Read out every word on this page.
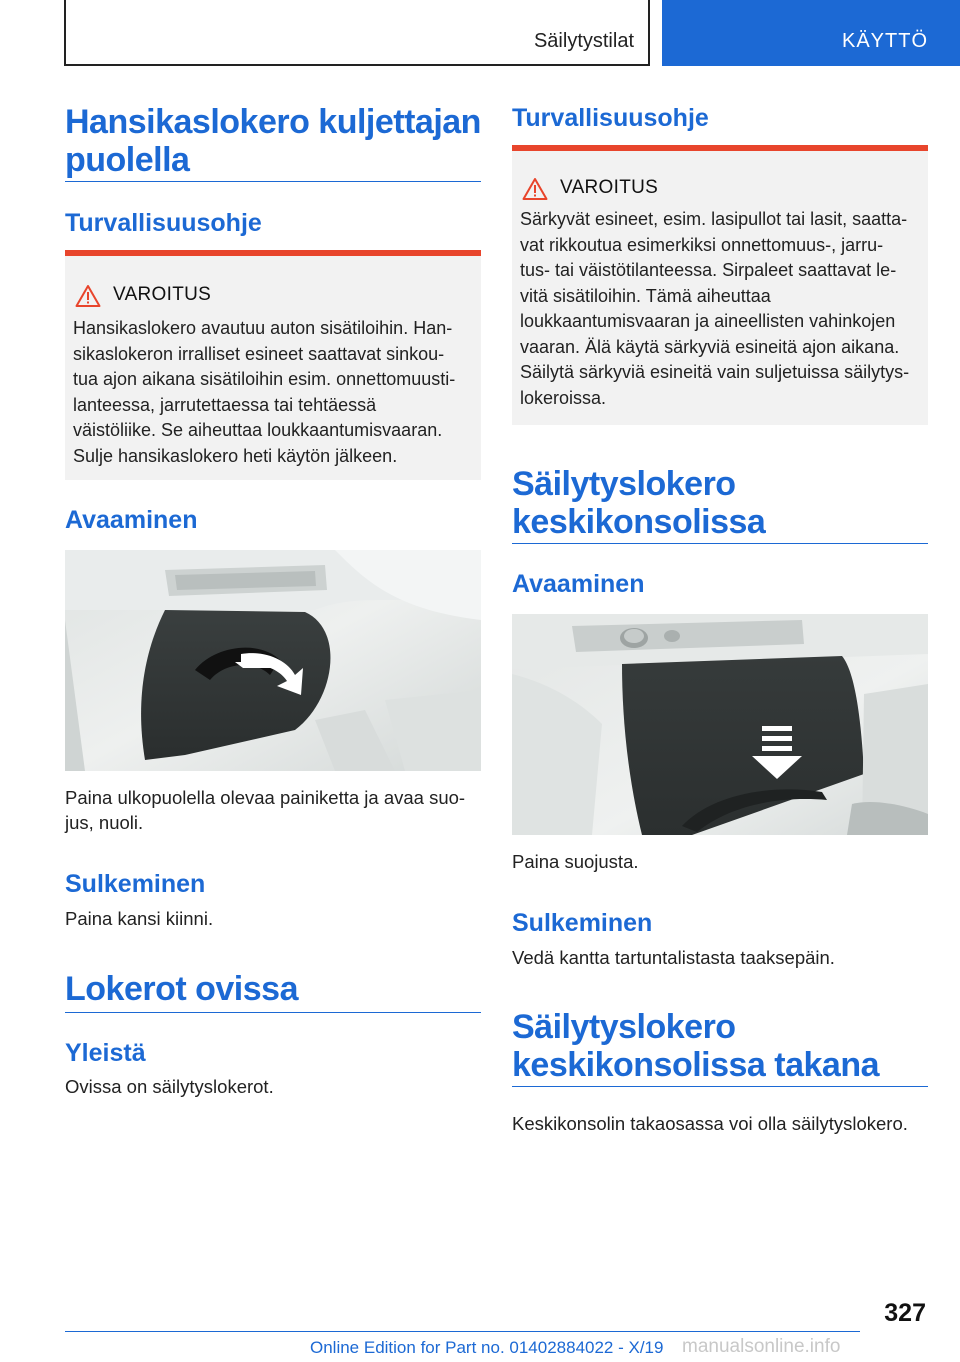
Säilytystilat	KÄYTTÖ
Hansikaslokero kuljettajan
puolella
Turvallisuusohje
VAROITUS
Hansikaslokero avautuu auton sisätiloihin. Han-
sikaslokeron irralliset esineet saattavat sinkou-
tua ajon aikana sisätiloihin esim. onnettomuusti-
lanteessa, jarrutettaessa tai tehtäessä
väistöliike. Se aiheuttaa loukkaantumisvaaran.
Sulje hansikaslokero heti käytön jälkeen.
Avaaminen
Paina ulkopuolella olevaa painiketta ja avaa suo-
jus, nuoli.
Sulkeminen
Paina kansi kiinni.
Lokerot ovissa
Yleistä
Ovissa on säilytyslokerot.
Turvallisuusohje
VAROITUS
Särkyvät esineet, esim. lasipullot tai lasit, saatta-
vat rikkoutua esimerkiksi onnettomuus-, jarru-
tus- tai väistötilanteessa. Sirpaleet saattavat le-
vitä sisätiloihin. Tämä aiheuttaa
loukkaantumisvaaran ja aineellisten vahinkojen
vaaran. Älä käytä särkyviä esineitä ajon aikana.
Säilytä särkyviä esineitä vain suljetuissa säilytys-
lokeroissa.
Säilytyslokero
keskikonsolissa
Avaaminen
Paina suojusta.
Sulkeminen
Vedä kantta tartuntalistasta taaksepäin.
Säilytyslokero
keskikonsolissa takana
Keskikonsolin takaosassa voi olla säilytyslokero.
327
Online Edition for Part no. 01402884022 - X/19 manualsonline.info
